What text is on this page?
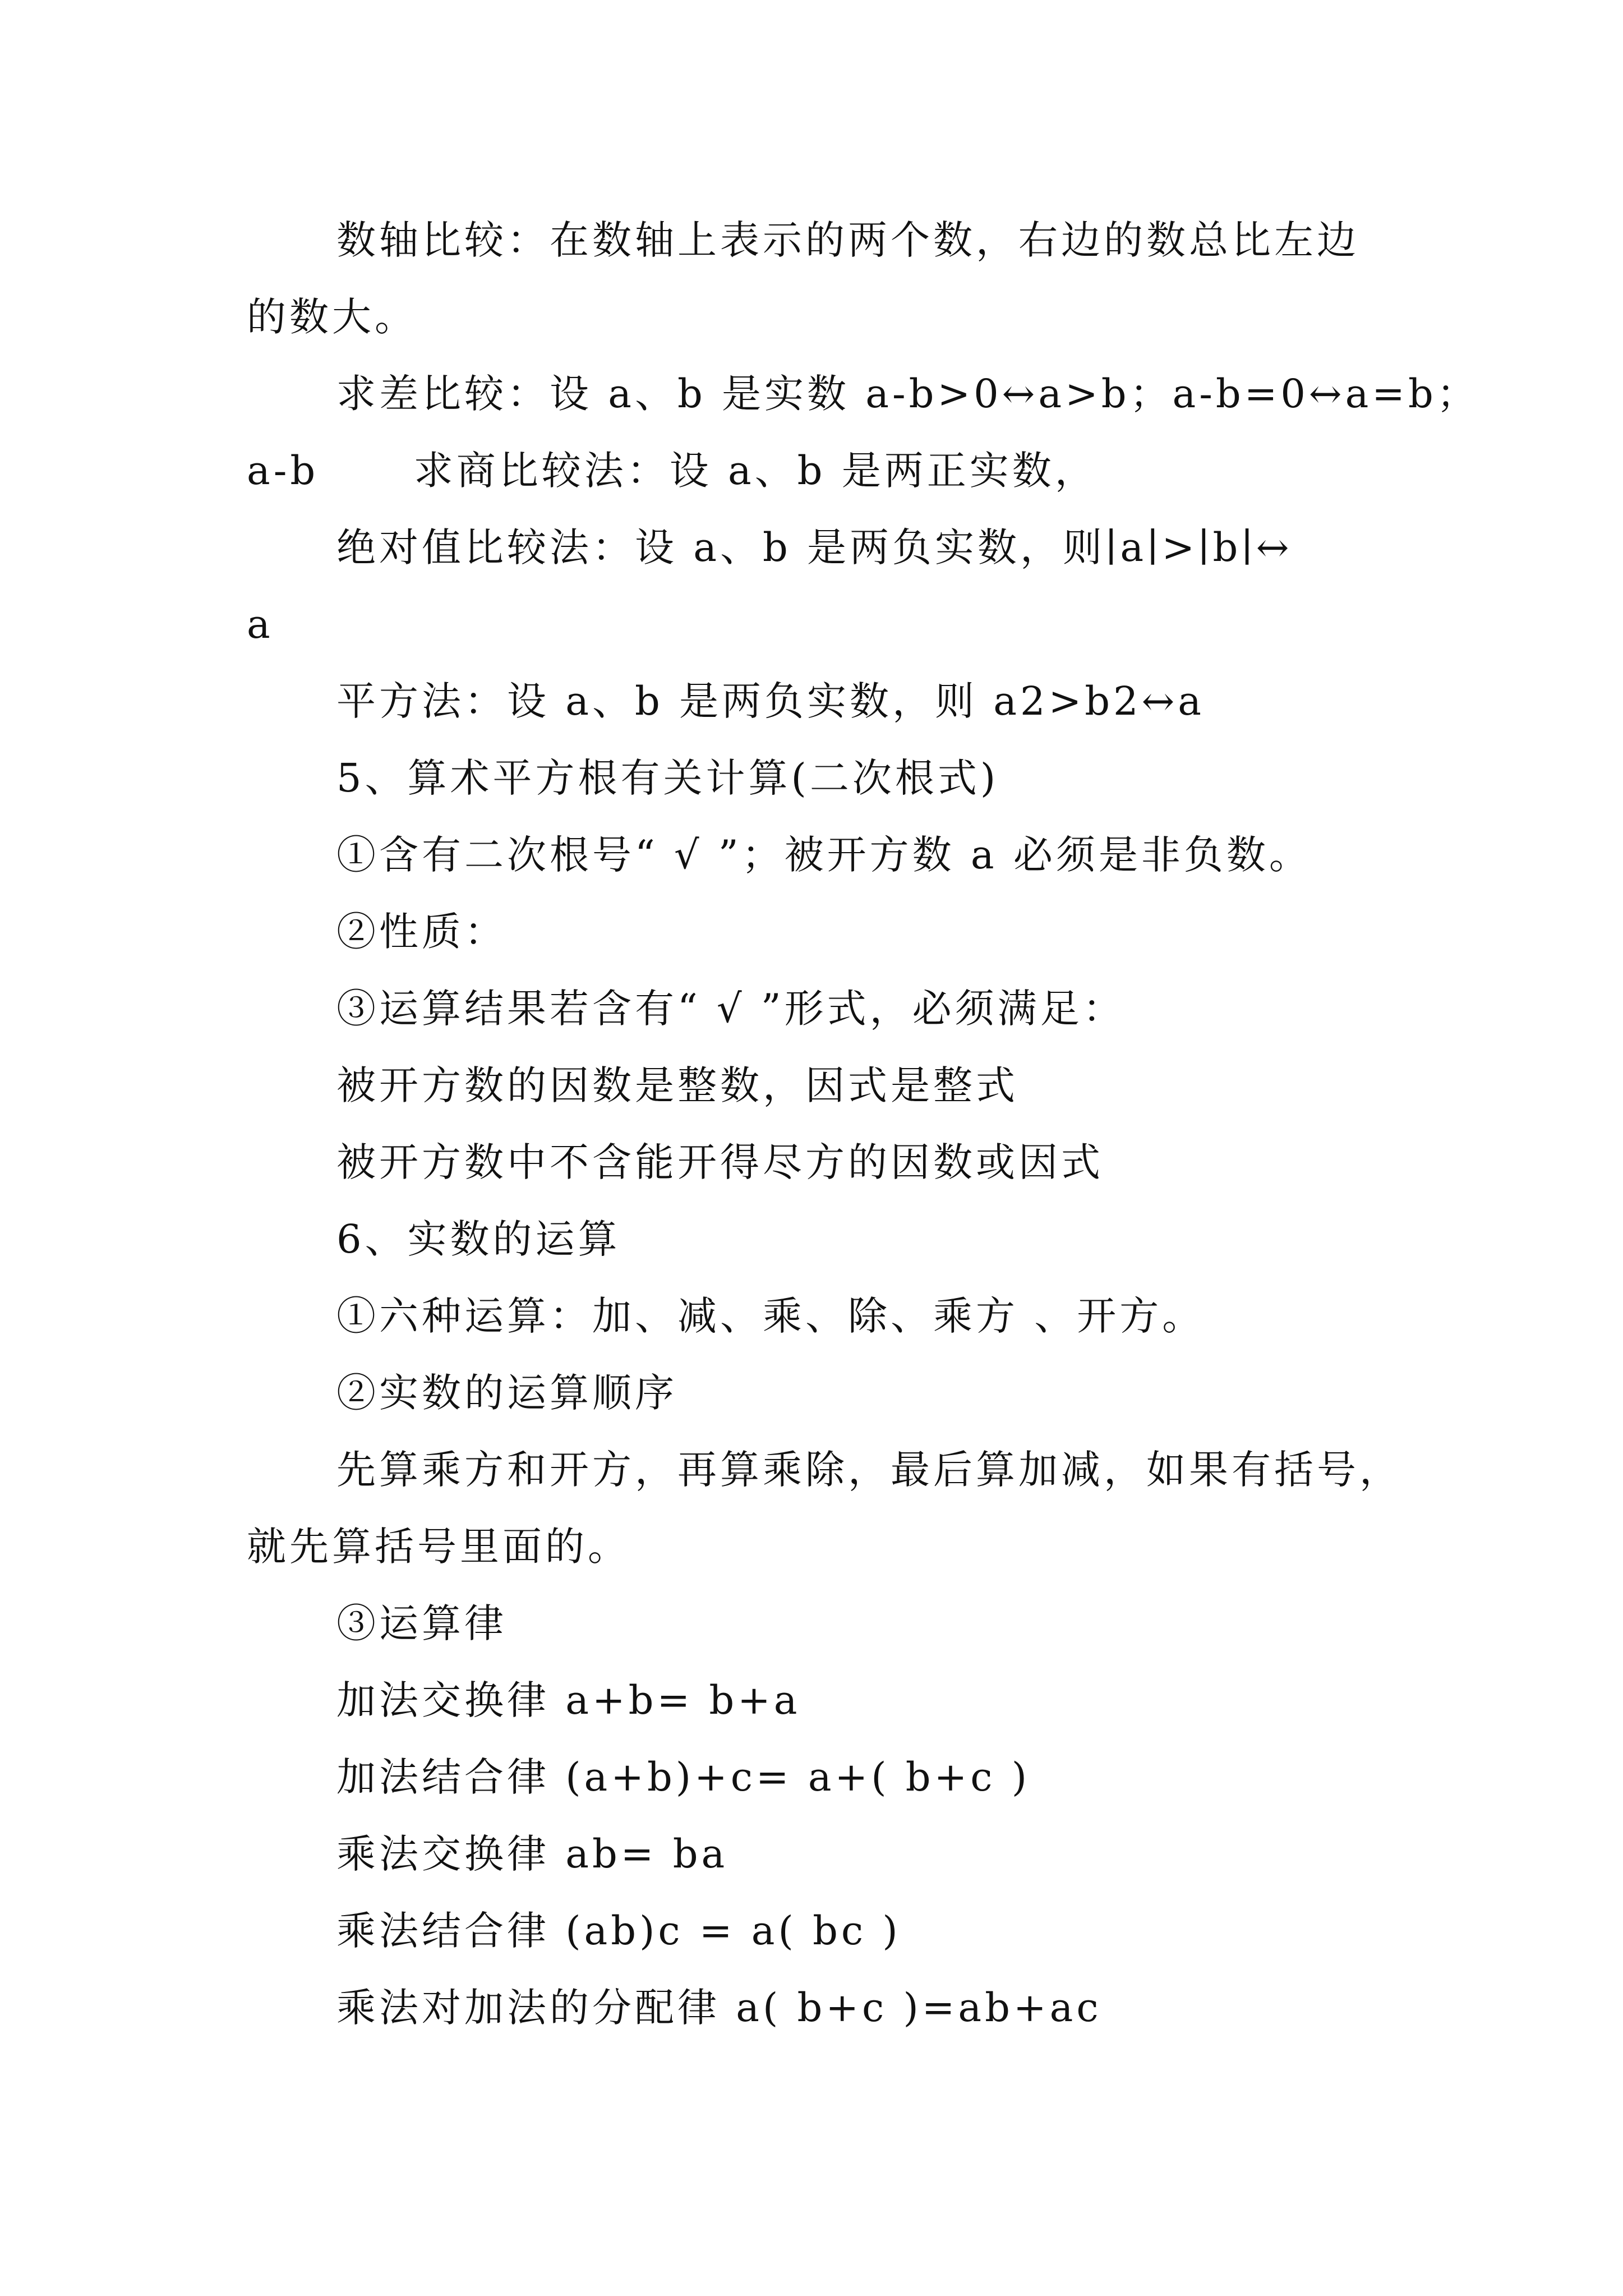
数轴比较：在数轴上表示的两个数，右边的数总比左边
的数大。
求差比较：设 a、b 是实数 a-b>0↔a>b；a-b=0↔a=b；
a-b      求商比较法：设 a、b 是两正实数，
绝对值比较法：设 a、b 是两负实数，则∣a∣>∣b∣↔
a
平方法：设 a、b 是两负实数，则 a2>b2↔a
5、算术平方根有关计算(二次根式)
①含有二次根号“ √ ”；被开方数 a 必须是非负数。
②性质：
③运算结果若含有“ √ ”形式，必须满足：
被开方数的因数是整数，因式是整式
被开方数中不含能开得尽方的因数或因式
6、实数的运算
①六种运算：加、减、乘、除、乘方 、开方。
②实数的运算顺序
先算乘方和开方，再算乘除，最后算加减，如果有括号，
就先算括号里面的。
③运算律
加法交换律 a+b= b+a
加法结合律 (a+b)+c= a+( b+c )
乘法交换律 ab= ba
乘法结合律 (ab)c = a( bc )
乘法对加法的分配律 a( b+c )=ab+ac
